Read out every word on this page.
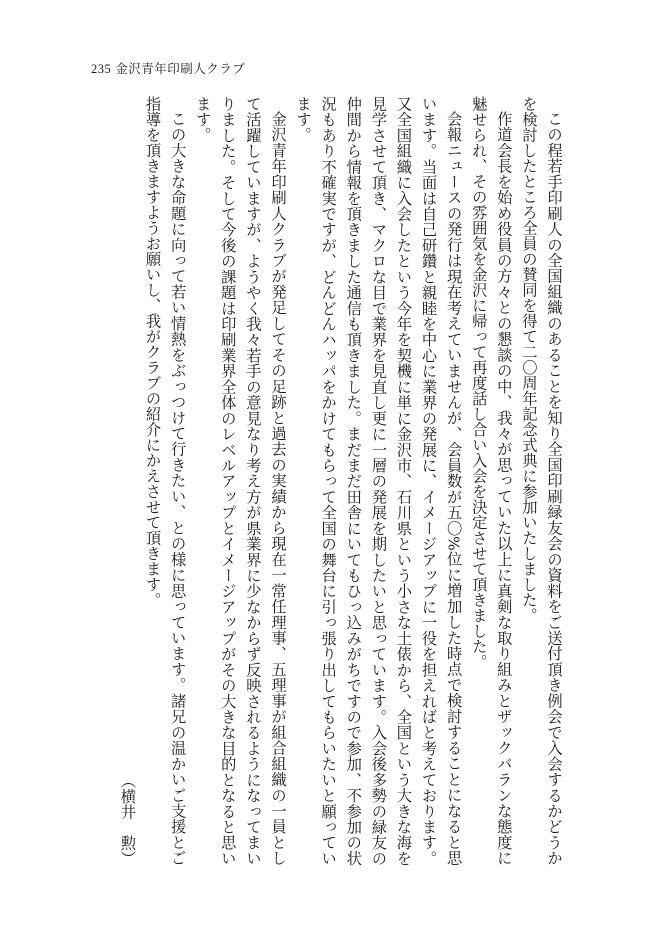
235 金沢青年印刷人クラブ

この程若手印刷人の全国組織のあることを知り全国印刷緑友会の資料をご送付頂き例会で入会するかどうかを検討したところ全員の賛同を得て二〇周年記念式典に参加いたしました。

作道会長を始め役員の方々との懇談の中、我々が思っていた以上に真剣な取り組みとザックバランな態度に魅せられ、その雰囲気を金沢に帰って再度話し合い入会を決定させて頂きました。

会報ニュースの発行は現在考えていませんが、会員数が五〇%位に増加した時点で検討することになると思います。当面は自己研鑽と親睦を中心に業界の発展に、イメージアップに一役を担えればと考えております。又全国組織に入会したという今年を契機に単に金沢市、石川県という小さな土俵から、全国という大きな海を見学させて頂き、マクロな目で業界を見直し更に一層の発展を期したいと思っています。入会後多勢の緑友の仲間から情報を頂きました通信も頂きました。まだまだ田舎にいてもひっ込みがちですので参加、不参加の状況もあり不確実ですが、どんどんハッパをかけてもらって全国の舞台に引っ張り出してもらいたいと願っています。

金沢青年印刷人クラブが発足してその足跡と過去の実績から現在一常任理事、五理事が組合組織の一員として活躍していますが、ようやく我々若手の意見なり考え方が県業界に少なからず反映されるようになってまいりました。そして今後の課題は印刷業界全体のレベルアップとイメージアップがその大きな目的となると思います。

この大きな命題に向って若い情熱をぶっつけて行きたい、との様に思っています。諸兄の温かいご支援とご指導を頂きますようお願いし、我がクラブの紹介にかえさせて頂きます。

（横井　勲）
